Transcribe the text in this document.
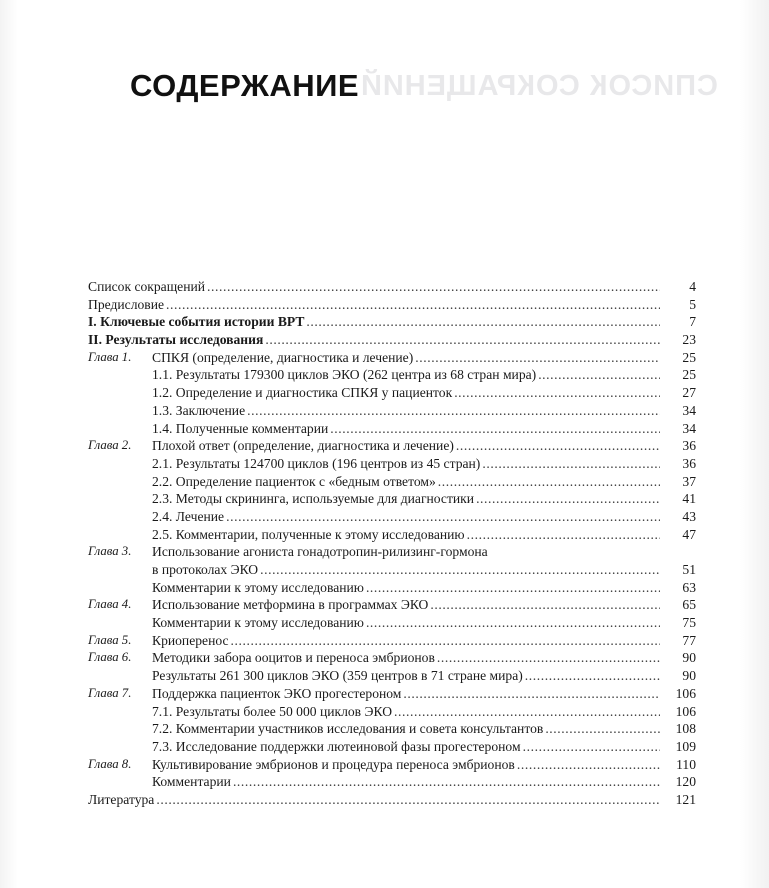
СПИСОК СОКРАЩЕНИЙ
СОДЕРЖАНИЕ
Список сокращений .....	4
Предисловие .....	5
I. Ключевые события истории ВРТ .....	7
II. Результаты исследования .....	23
Глава 1. СПКЯ (определение, диагностика и лечение) .....	25
1.1. Результаты 179300 циклов ЭКО (262 центра из 68 стран мира) .....	25
1.2. Определение и диагностика СПКЯ у пациенток .....	27
1.3. Заключение .....	34
1.4. Полученные комментарии .....	34
Глава 2. Плохой ответ (определение, диагностика и лечение) .....	36
2.1. Результаты 124700 циклов (196 центров из 45 стран) .....	36
2.2. Определение пациенток с «бедным ответом» .....	37
2.3. Методы скрининга, используемые для диагностики .....	41
2.4. Лечение .....	43
2.5. Комментарии, полученные к этому исследованию .....	47
Глава 3. Использование агониста гонадотропин-рилизинг-гормона
в протоколах ЭКО .....	51
Комментарии к этому исследованию .....	63
Глава 4. Использование метформина в программах ЭКО .....	65
Комментарии к этому исследованию .....	75
Глава 5. Криоперенос .....	77
Глава 6. Методики забора ооцитов и переноса эмбрионов .....	90
Результаты 261 300 циклов ЭКО (359 центров в 71 стране мира) .....	90
Глава 7. Поддержка пациенток ЭКО прогестероном .....	106
7.1. Результаты более 50 000 циклов ЭКО .....	106
7.2. Комментарии участников исследования и совета консультантов .....	108
7.3. Исследование поддержки лютеиновой фазы прогестероном .....	109
Глава 8. Культивирование эмбрионов и процедура переноса эмбрионов .....	110
Комментарии .....	120
Литература .....	121
